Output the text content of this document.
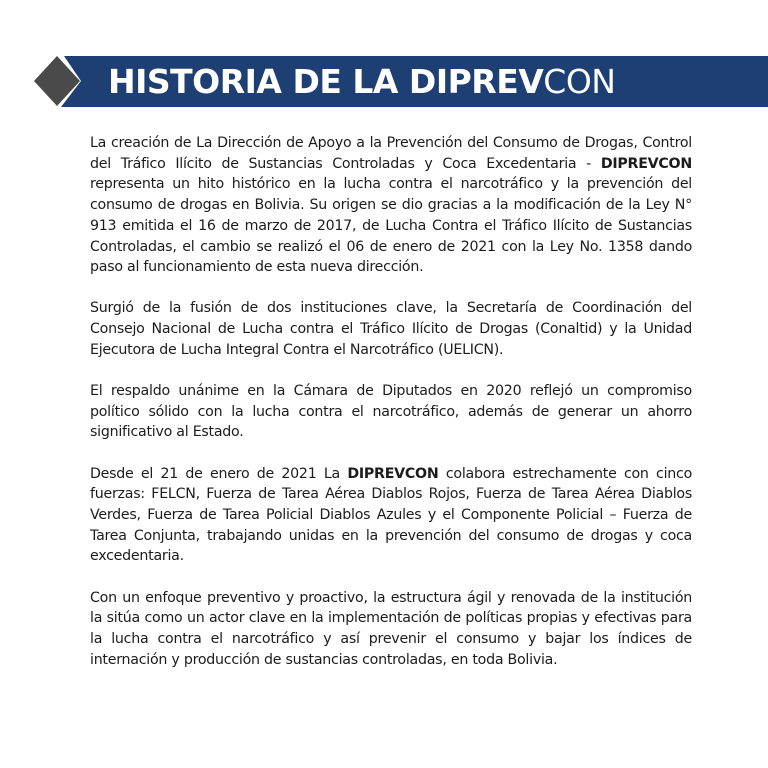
HISTORIA DE LA DIPREVCON

La creación de La Dirección de Apoyo a la Prevención del Consumo de Drogas, Control del Tráfico Ilícito de Sustancias Controladas y Coca Excedentaria - DIPREVCON representa un hito histórico en la lucha contra el narcotráfico y la prevención del consumo de drogas en Bolivia. Su origen se dio gracias a la modificación de la Ley N° 913 emitida el 16 de marzo de 2017, de Lucha Contra el Tráfico Ilícito de Sustancias Controladas, el cambio se realizó el 06 de enero de 2021 con la Ley No. 1358 dando paso al funcionamiento de esta nueva dirección.

Surgió de la fusión de dos instituciones clave, la Secretaría de Coordinación del Consejo Nacional de Lucha contra el Tráfico Ilícito de Drogas (Conaltid) y la Unidad Ejecutora de Lucha Integral Contra el Narcotráfico (UELICN).

El respaldo unánime en la Cámara de Diputados en 2020 reflejó un compromiso político sólido con la lucha contra el narcotráfico, además de generar un ahorro significativo al Estado.

Desde el 21 de enero de 2021 La DIPREVCON colabora estrechamente con cinco fuerzas: FELCN, Fuerza de Tarea Aérea Diablos Rojos, Fuerza de Tarea Aérea Diablos Verdes, Fuerza de Tarea Policial Diablos Azules y el Componente Policial – Fuerza de Tarea Conjunta, trabajando unidas en la prevención del consumo de drogas y coca excedentaria.

Con un enfoque preventivo y proactivo, la estructura ágil y renovada de la institución la sitúa como un actor clave en la implementación de políticas propias y efectivas para la lucha contra el narcotráfico y así prevenir el consumo y bajar los índices de internación y producción de sustancias controladas, en toda Bolivia.
